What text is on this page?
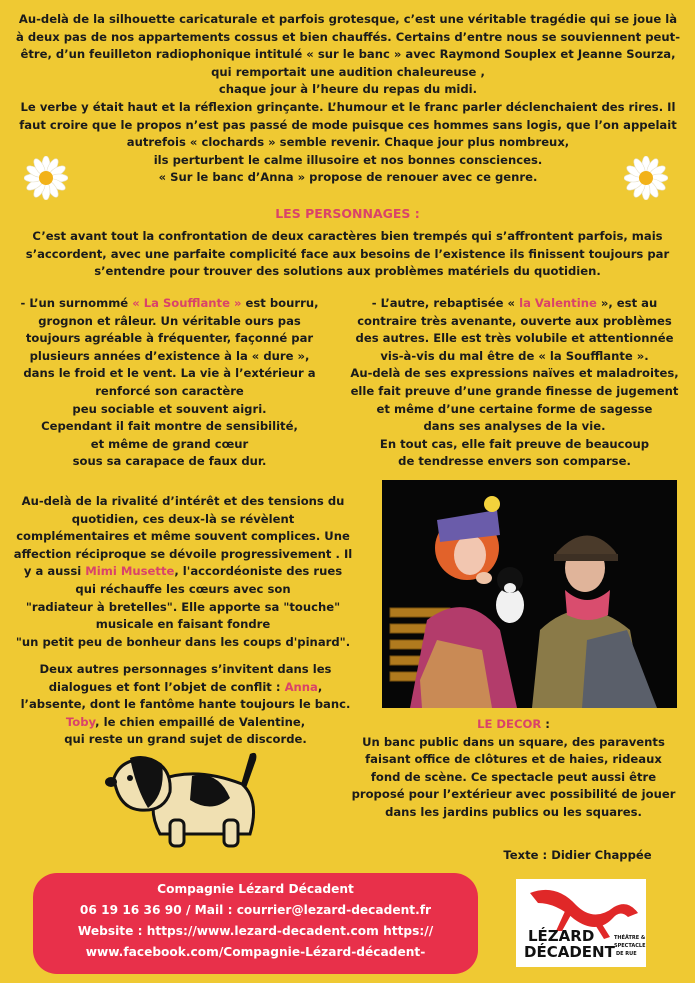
Au-delà de la silhouette caricaturale et parfois grotesque, c’est une véritable tragédie qui se joue là
à deux pas de nos appartements cossus et bien chauffés. Certains d’entre nous se souviennent peut-
être, d’un feuilleton radiophonique intitulé « sur le banc » avec Raymond Souplex et Jeanne Sourza,
qui remportait une audition chaleureuse ,
chaque jour à l’heure du repas du midi.
Le verbe y était haut et la réflexion grinçante. L’humour et le franc parler déclenchaient des rires. Il
faut croire que le propos n’est pas passé de mode puisque ces hommes sans logis, que l’on appelait
autrefois « clochards » semble revenir. Chaque jour plus nombreux,
ils perturbent le calme illusoire et nos bonnes consciences.
« Sur le banc d’Anna » propose de renouer avec ce genre.
LES PERSONNAGES :
C’est avant tout la confrontation de deux caractères bien trempés qui s’affrontent parfois, mais
s’accordent, avec une parfaite complicité face aux besoins de l’existence ils finissent toujours par
s’entendre pour trouver des solutions aux problèmes matériels du quotidien.
- L’un surnommé « La Soufflante » est bourru,
grognon et râleur. Un véritable ours pas
toujours agréable à fréquenter, façonné par
plusieurs années d’existence à la « dure »,
dans le froid et le vent. La vie à l’extérieur a
renforcé son caractère
peu sociable et souvent aigri.
Cependant il fait montre de sensibilité,
et même de grand cœur
sous sa carapace de faux dur.
- L’autre, rebaptisée « la Valentine », est au
contraire très avenante, ouverte aux problèmes
des autres. Elle est très volubile et attentionnée
vis-à-vis du mal être de « la Soufflante ».
Au-delà de ses expressions naïves et maladroites,
elle fait preuve d’une grande finesse de jugement
et même d’une certaine forme de sagesse
dans ses analyses de la vie.
En tout cas, elle fait preuve de beaucoup
de tendresse envers son comparse.
Au-delà de la rivalité d’intérêt et des tensions du
quotidien, ces deux-là se révèlent
complémentaires et même souvent complices. Une
affection réciproque se dévoile progressivement . Il
y a aussi Mimi Musette, l'accordéoniste des rues
qui réchauffe les cœurs avec son
"radiateur à bretelles". Elle apporte sa "touche"
musicale en faisant fondre
"un petit peu de bonheur dans les coups d'pinard".
Deux autres personnages s’invitent dans les
dialogues et font l’objet de conflit : Anna,
l’absente, dont le fantôme hante toujours le banc.
Toby, le chien empaillé de Valentine,
qui reste un grand sujet de discorde.
LE DECOR :
Un banc public dans un square, des paravents
faisant office de clôtures et de haies, rideaux
fond de scène. Ce spectacle peut aussi être
proposé pour l’extérieur avec possibilité de jouer
dans les jardins publics ou les squares.
Texte : Didier Chappée
Compagnie Lézard Décadent
06 19 16 36 90 / Mail : courrier@lezard-decadent.fr
Website : https://www.lezard-decadent.com https://
www.facebook.com/Compagnie-Lézard-décadent-
LÉZARD
DÉCADENT
THÉÂTRE &
SPECTACLE
DE RUE
